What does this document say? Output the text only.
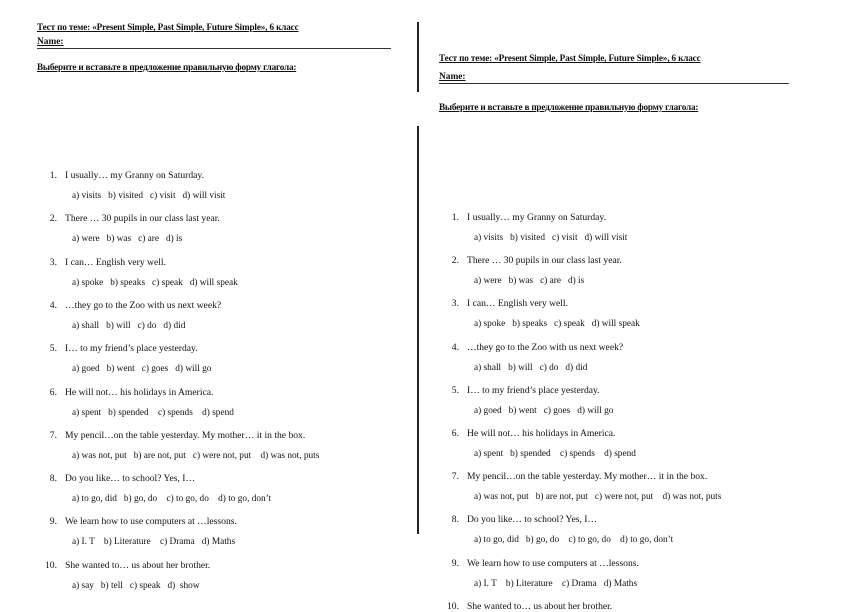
Тест по теме: «Present Simple, Past Simple, Future Simple», 6 класс
Name:
Выберите и вставьте в предложение правильную форму глагола:
1. I usually… my Granny on Saturday.
a) visits   b) visited   c) visit   d) will visit
2. There … 30 pupils in our class last year.
a) were   b) was   c) are   d) is
3. I can… English very well.
a) spoke   b) speaks   c) speak   d) will speak
4. …they go to the Zoo with us next week?
a) shall   b) will   c) do   d) did
5. I… to my friend’s place yesterday.
a) goed   b) went   c) goes   d) will go
6. He will not… his holidays in America.
a) spent   b) spended    c) spends    d) spend
7. My pencil…on the table yesterday. My mother… it in the box.
a) was not, put   b) are not, put   c) were not, put    d) was not, puts
8. Do you like… to school? Yes, I…
a) to go, did   b) go, do    c) to go, do    d) to go, don’t
9. We learn how to use computers at …lessons.
a) I. T    b) Literature    c) Drama   d) Maths
10. She wanted to… us about her brother.
a) say   b) tell   c) speak   d)  show
Тест по теме: «Present Simple, Past Simple, Future Simple», 6 класс
Name:
Выберите и вставьте в предложение правильную форму глагола:
1. I usually… my Granny on Saturday.
a) visits   b) visited   c) visit   d) will visit
2. There … 30 pupils in our class last year.
a) were   b) was   c) are   d) is
3. I can… English very well.
a) spoke   b) speaks   c) speak   d) will speak
4. …they go to the Zoo with us next week?
a) shall   b) will   c) do   d) did
5. I… to my friend’s place yesterday.
a) goed   b) went   c) goes   d) will go
6. He will not… his holidays in America.
a) spent   b) spended    c) spends    d) spend
7. My pencil…on the table yesterday. My mother… it in the box.
a) was not, put   b) are not, put   c) were not, put    d) was not, puts
8. Do you like… to school? Yes, I…
a) to go, did   b) go, do    c) to go, do    d) to go, don’t
9. We learn how to use computers at …lessons.
a) I. T    b) Literature    c) Drama   d) Maths
10. She wanted to… us about her brother.
